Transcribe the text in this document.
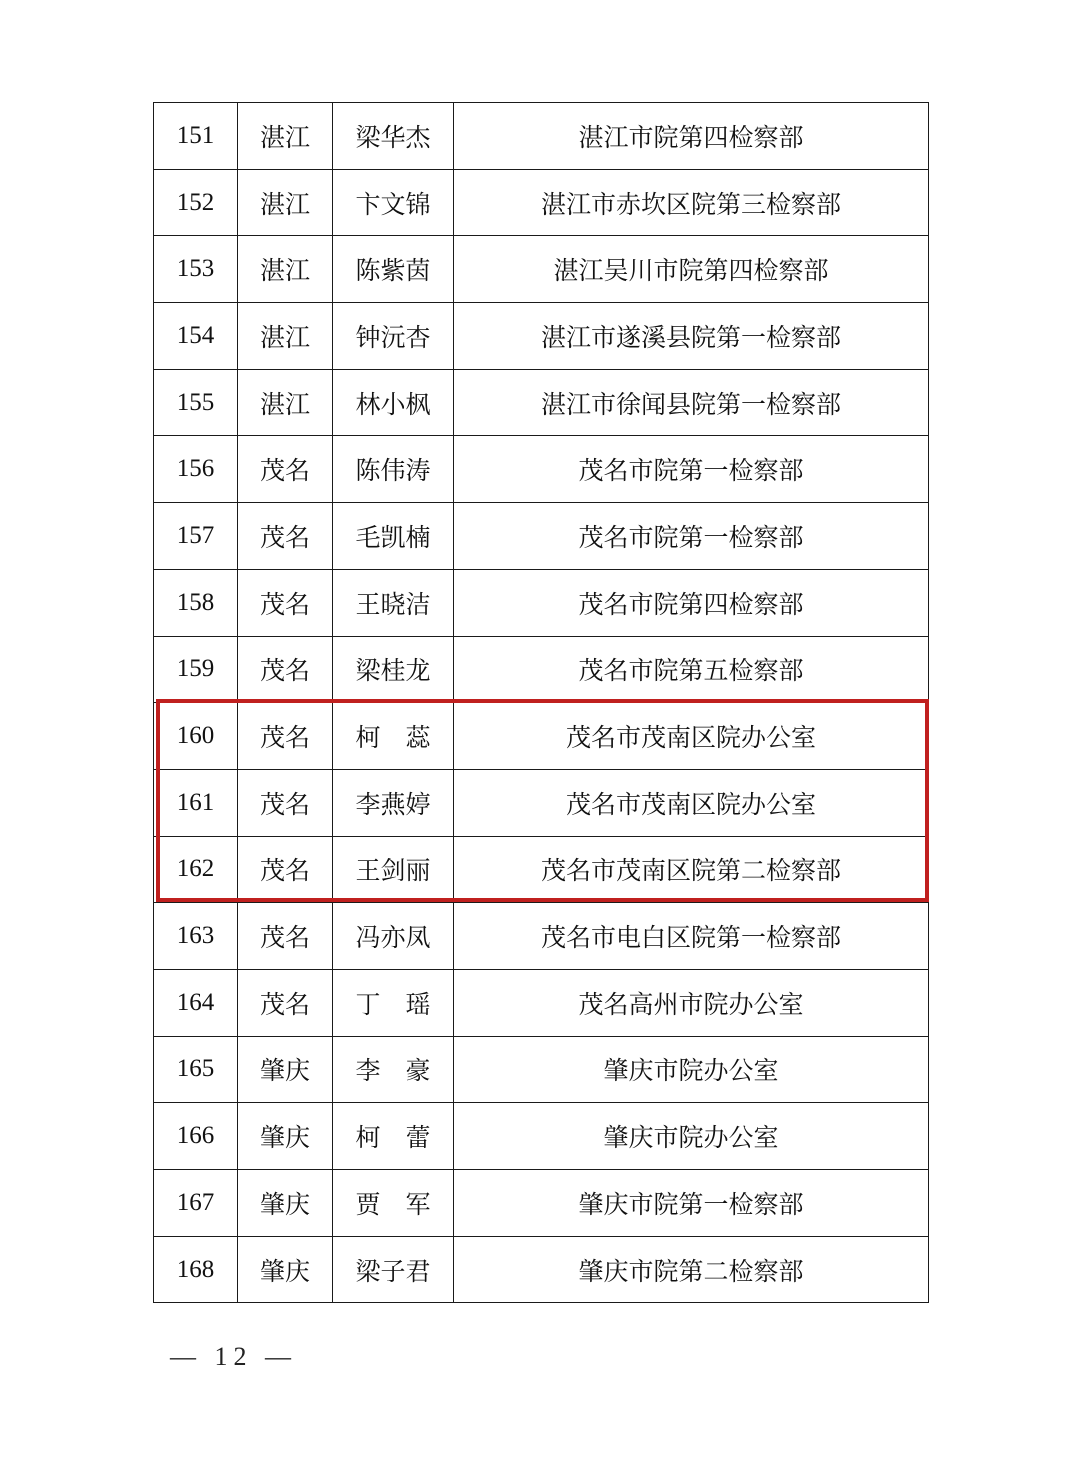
151	湛江	梁华杰	湛江市院第四检察部
152	湛江	卞文锦	湛江市赤坎区院第三检察部
153	湛江	陈紫茵	湛江吴川市院第四检察部
154	湛江	钟沅杏	湛江市遂溪县院第一检察部
155	湛江	林小枫	湛江市徐闻县院第一检察部
156	茂名	陈伟涛	茂名市院第一检察部
157	茂名	毛凯楠	茂名市院第一检察部
158	茂名	王晓洁	茂名市院第四检察部
159	茂名	梁桂龙	茂名市院第五检察部
160	茂名	柯　蕊	茂名市茂南区院办公室
161	茂名	李燕婷	茂名市茂南区院办公室
162	茂名	王剑丽	茂名市茂南区院第二检察部
163	茂名	冯亦凤	茂名市电白区院第一检察部
164	茂名	丁　瑶	茂名高州市院办公室
165	肇庆	李　豪	肇庆市院办公室
166	肇庆	柯　蕾	肇庆市院办公室
167	肇庆	贾　军	肇庆市院第一检察部
168	肇庆	梁子君	肇庆市院第二检察部
— 12 —
